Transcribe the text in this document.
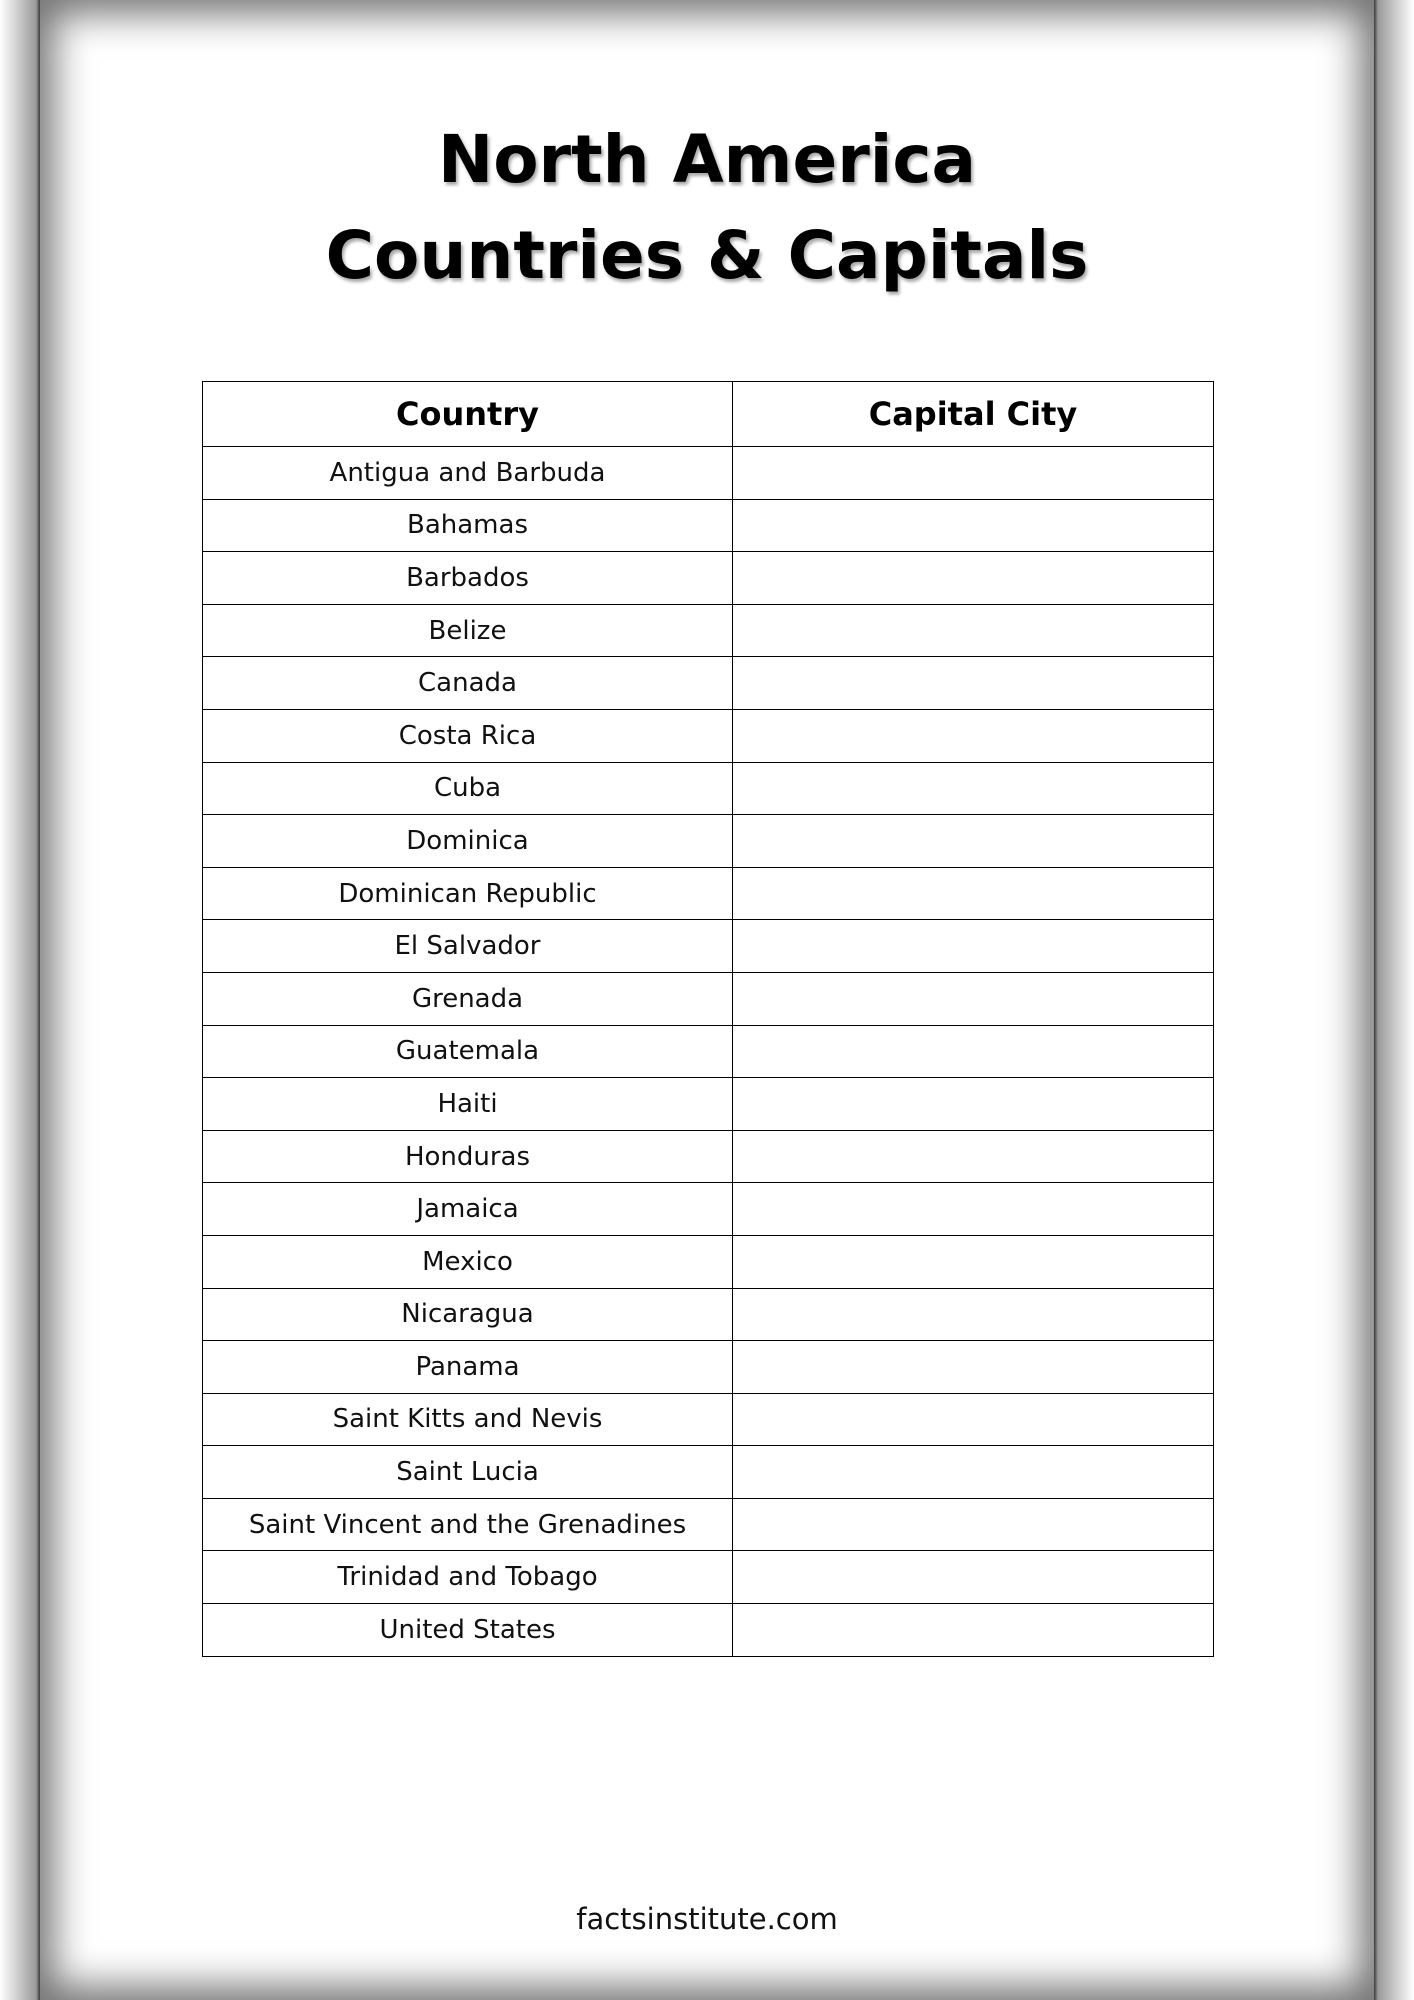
North America
Countries & Capitals
Country	Capital City
Antigua and Barbuda	
Bahamas	
Barbados	
Belize	
Canada	
Costa Rica	
Cuba	
Dominica	
Dominican Republic	
El Salvador	
Grenada	
Guatemala	
Haiti	
Honduras	
Jamaica	
Mexico	
Nicaragua	
Panama	
Saint Kitts and Nevis	
Saint Lucia	
Saint Vincent and the Grenadines	
Trinidad and Tobago	
United States	
factsinstitute.com
